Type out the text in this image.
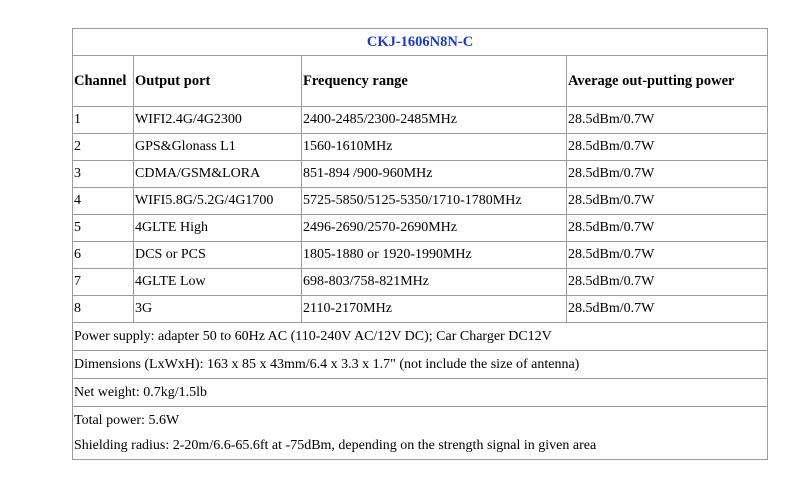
CKJ-1606N8N-C			
Channel	Output port	Frequency range	Average out-putting power
1	WIFI2.4G/4G2300	2400-2485/2300-2485MHz	28.5dBm/0.7W
2	GPS&Glonass L1	1560-1610MHz	28.5dBm/0.7W
3	CDMA/GSM&LORA	851-894 /900-960MHz	28.5dBm/0.7W
4	WIFI5.8G/5.2G/4G1700	5725-5850/5125-5350/1710-1780MHz	28.5dBm/0.7W
5	4GLTE High	2496-2690/2570-2690MHz	28.5dBm/0.7W
6	DCS or PCS	1805-1880 or 1920-1990MHz	28.5dBm/0.7W
7	4GLTE Low	698-803/758-821MHz	28.5dBm/0.7W
8	3G	2110-2170MHz	28.5dBm/0.7W
Power supply: adapter 50 to 60Hz AC (110-240V AC/12V DC); Car Charger DC12V			
Dimensions (LxWxH): 163 x 85 x 43mm/6.4 x 3.3 x 1.7" (not include the size of antenna)			
Net weight: 0.7kg/1.5lb			

Total power: 5.6W
Shielding radius: 2-20m/6.6-65.6ft at -75dBm, depending on the strength signal in given area			
